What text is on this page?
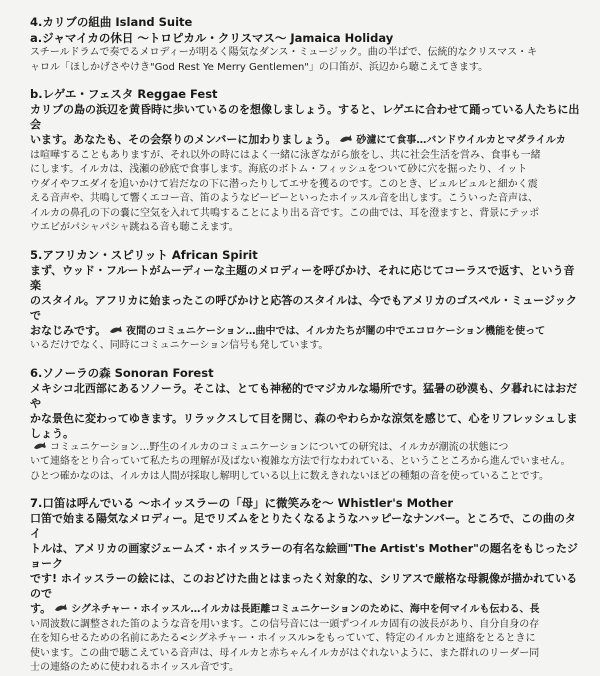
4.カリブの組曲 Island Suite
a.ジャマイカの休日 〜トロピカル・クリスマス〜 Jamaica Holiday
スチールドラムで奏でるメロディーが明るく陽気なダンス・ミュージック。曲の半ばで、伝統的なクリスマス・キ
ャロル「ほしかげさやけき"God Rest Ye Merry Gentlemen"」の口笛が、浜辺から聴こえてきます。
b.レゲエ・フェスタ Reggae Fest
カリブの島の浜辺を黄昏時に歩いているのを想像しましょう。すると、レゲエに合わせて踊っている人たちに出会
います。あなたも、その会祭りのメンバーに加わりましょう。 砂濾にて食事…バンドウイルカとマダライルカ
は喧嘩することもありますが、それ以外の時にはよく一緒に泳ぎながら旅をし、共に社会生活を営み、食事も一緒
にします。イルカは、浅瀬の砂底で食事します。海底のボトム・フィッシュをついて砂に穴を掘ったり、イット
ウダイやフエダイを追いかけて岩だなの下に潜ったりしてエサを獲るのです。このとき、ビュルビュルと細かく震
える音声や、共鳴して響くエコー音、笛のようなピーピーといったホイッスル音を出します。こういった音声は、
イルカの鼻孔の下の嚢に空気を入れて共鳴することにより出る音です。この曲では、耳を澄ますと、背景にテッポ
ウエビがパシャパシャ跳ねる音も聴こえます。
5.アフリカン・スピリット African Spirit
まず、ウッド・フルートがムーディーな主題のメロディーを呼びかけ、それに応じてコーラスで返す、という音楽
のスタイル。アフリカに始まったこの呼びかけと応答のスタイルは、今でもアメリカのゴスペル・ミュージックで
おなじみです。 夜間のコミュニケーション…曲中では、イルカたちが闇の中でエコロケーション機能を使って
いるだけでなく、同時にコミュニケーション信号も発しています。
6.ソノーラの森 Sonoran Forest
メキシコ北西部にあるソノーラ。そこは、とても神秘的でマジカルな場所です。猛暑の砂漠も、夕暮れにはおだや
かな景色に変わってゆきます。リラックスして目を開じ、森のやわらかな涼気を感じて、心をリフレッシュしましょう。
コミュニケーション…野生のイルカのコミュニケーションについての研究は、イルカが潮流の状態につ
いて連絡をとり合っていて私たちの理解が及ばない複雑な方法で行なわれている、ということころから進んでいません。
ひとつ確かなのは、イルカは人間が採取し解明している以上に数えきれないほどの種類の音を使っていることです。
7.口笛は呼んでいる 〜ホイッスラーの「母」に微笑みを〜 Whistler's Mother
口笛で始まる陽気なメロディー。足でリズムをとりたくなるようなハッピーなナンバー。ところで、この曲のタイ
トルは、アメリカの画家ジェームズ・ホイッスラーの有名な絵画"The Artist's Mother"の題名をもじったジョーク
です! ホイッスラーの絵には、このおどけた曲とはまったく対象的な、シリアスで厳格な母親像が描かれているので
す。 シグネチャー・ホイッスル…イルカは長距離コミュニケーションのために、海中を何マイルも伝わる、長
い周波数に調整された笛のような音を用います。この信号音には一頭ずつイルカ固有の波長があり、自分自身の存
在を知らせるための名前にあたる<シグネチャー・ホイッスル>をもっていて、特定のイルカと連絡をとるときに
使います。この曲で聴こえている音声は、母イルカと赤ちゃんイルカがはぐれないように、また群れのリーダー同
士の連絡のために使われるホイッスル音です。
